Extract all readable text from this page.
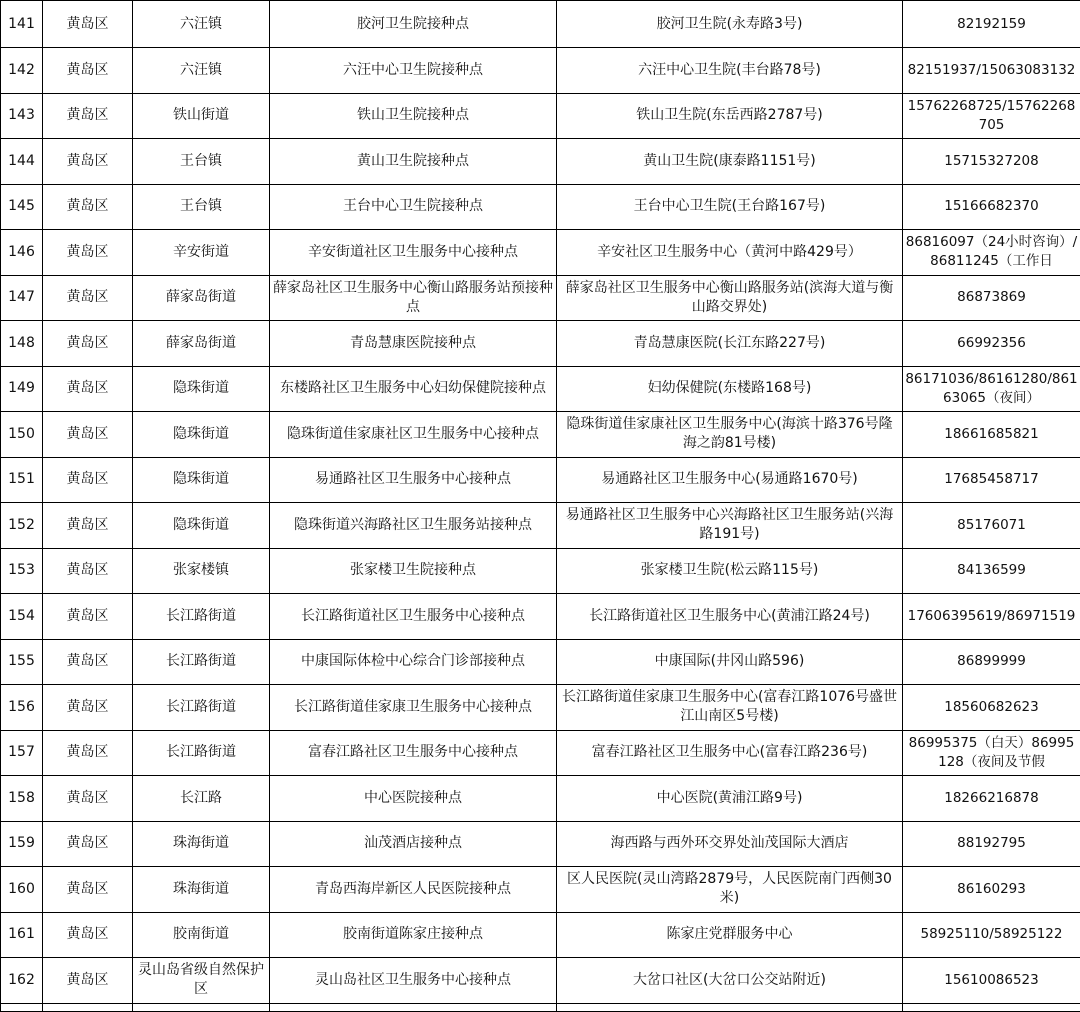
141	黄岛区	六汪镇	胶河卫生院接种点	胶河卫生院(永寿路3号)	82192159
142	黄岛区	六汪镇	六汪中心卫生院接种点	六汪中心卫生院(丰台路78号)	82151937/15063083132
143	黄岛区	铁山街道	铁山卫生院接种点	铁山卫生院(东岳西路2787号)	15762268725/15762268705
144	黄岛区	王台镇	黄山卫生院接种点	黄山卫生院(康泰路1151号)	15715327208
145	黄岛区	王台镇	王台中心卫生院接种点	王台中心卫生院(王台路167号)	15166682370
146	黄岛区	辛安街道	辛安街道社区卫生服务中心接种点	辛安社区卫生服务中心（黄河中路429号）	86816097（24小时咨询）/86811245（工作日
147	黄岛区	薛家岛街道	薛家岛社区卫生服务中心衡山路服务站预接种点	薛家岛社区卫生服务中心衡山路服务站(滨海大道与衡山路交界处)	86873869
148	黄岛区	薛家岛街道	青岛慧康医院接种点	青岛慧康医院(长江东路227号)	66992356
149	黄岛区	隐珠街道	东楼路社区卫生服务中心妇幼保健院接种点	妇幼保健院(东楼路168号)	86171036/86161280/86163065（夜间）
150	黄岛区	隐珠街道	隐珠街道佳家康社区卫生服务中心接种点	隐珠街道佳家康社区卫生服务中心(海滨十路376号隆海之韵81号楼)	18661685821
151	黄岛区	隐珠街道	易通路社区卫生服务中心接种点	易通路社区卫生服务中心(易通路1670号)	17685458717
152	黄岛区	隐珠街道	隐珠街道兴海路社区卫生服务站接种点	易通路社区卫生服务中心兴海路社区卫生服务站(兴海路191号)	85176071
153	黄岛区	张家楼镇	张家楼卫生院接种点	张家楼卫生院(松云路115号)	84136599
154	黄岛区	长江路街道	长江路街道社区卫生服务中心接种点	长江路街道社区卫生服务中心(黄浦江路24号)	17606395619/86971519
155	黄岛区	长江路街道	中康国际体检中心综合门诊部接种点	中康国际(井冈山路596)	86899999
156	黄岛区	长江路街道	长江路街道佳家康卫生服务中心接种点	长江路街道佳家康卫生服务中心(富春江路1076号盛世江山南区5号楼)	18560682623
157	黄岛区	长江路街道	富春江路社区卫生服务中心接种点	富春江路社区卫生服务中心(富春江路236号)	86995375（白天）86995128（夜间及节假
158	黄岛区	长江路	中心医院接种点	中心医院(黄浦江路9号)	18266216878
159	黄岛区	珠海街道	汕茂酒店接种点	海西路与西外环交界处汕茂国际大酒店	88192795
160	黄岛区	珠海街道	青岛西海岸新区人民医院接种点	区人民医院(灵山湾路2879号，人民医院南门西侧30米)	86160293
161	黄岛区	胶南街道	胶南街道陈家庄接种点	陈家庄党群服务中心	58925110/58925122
162	黄岛区	灵山岛省级自然保护区	灵山岛社区卫生服务中心接种点	大岔口社区(大岔口公交站附近)	15610086523
